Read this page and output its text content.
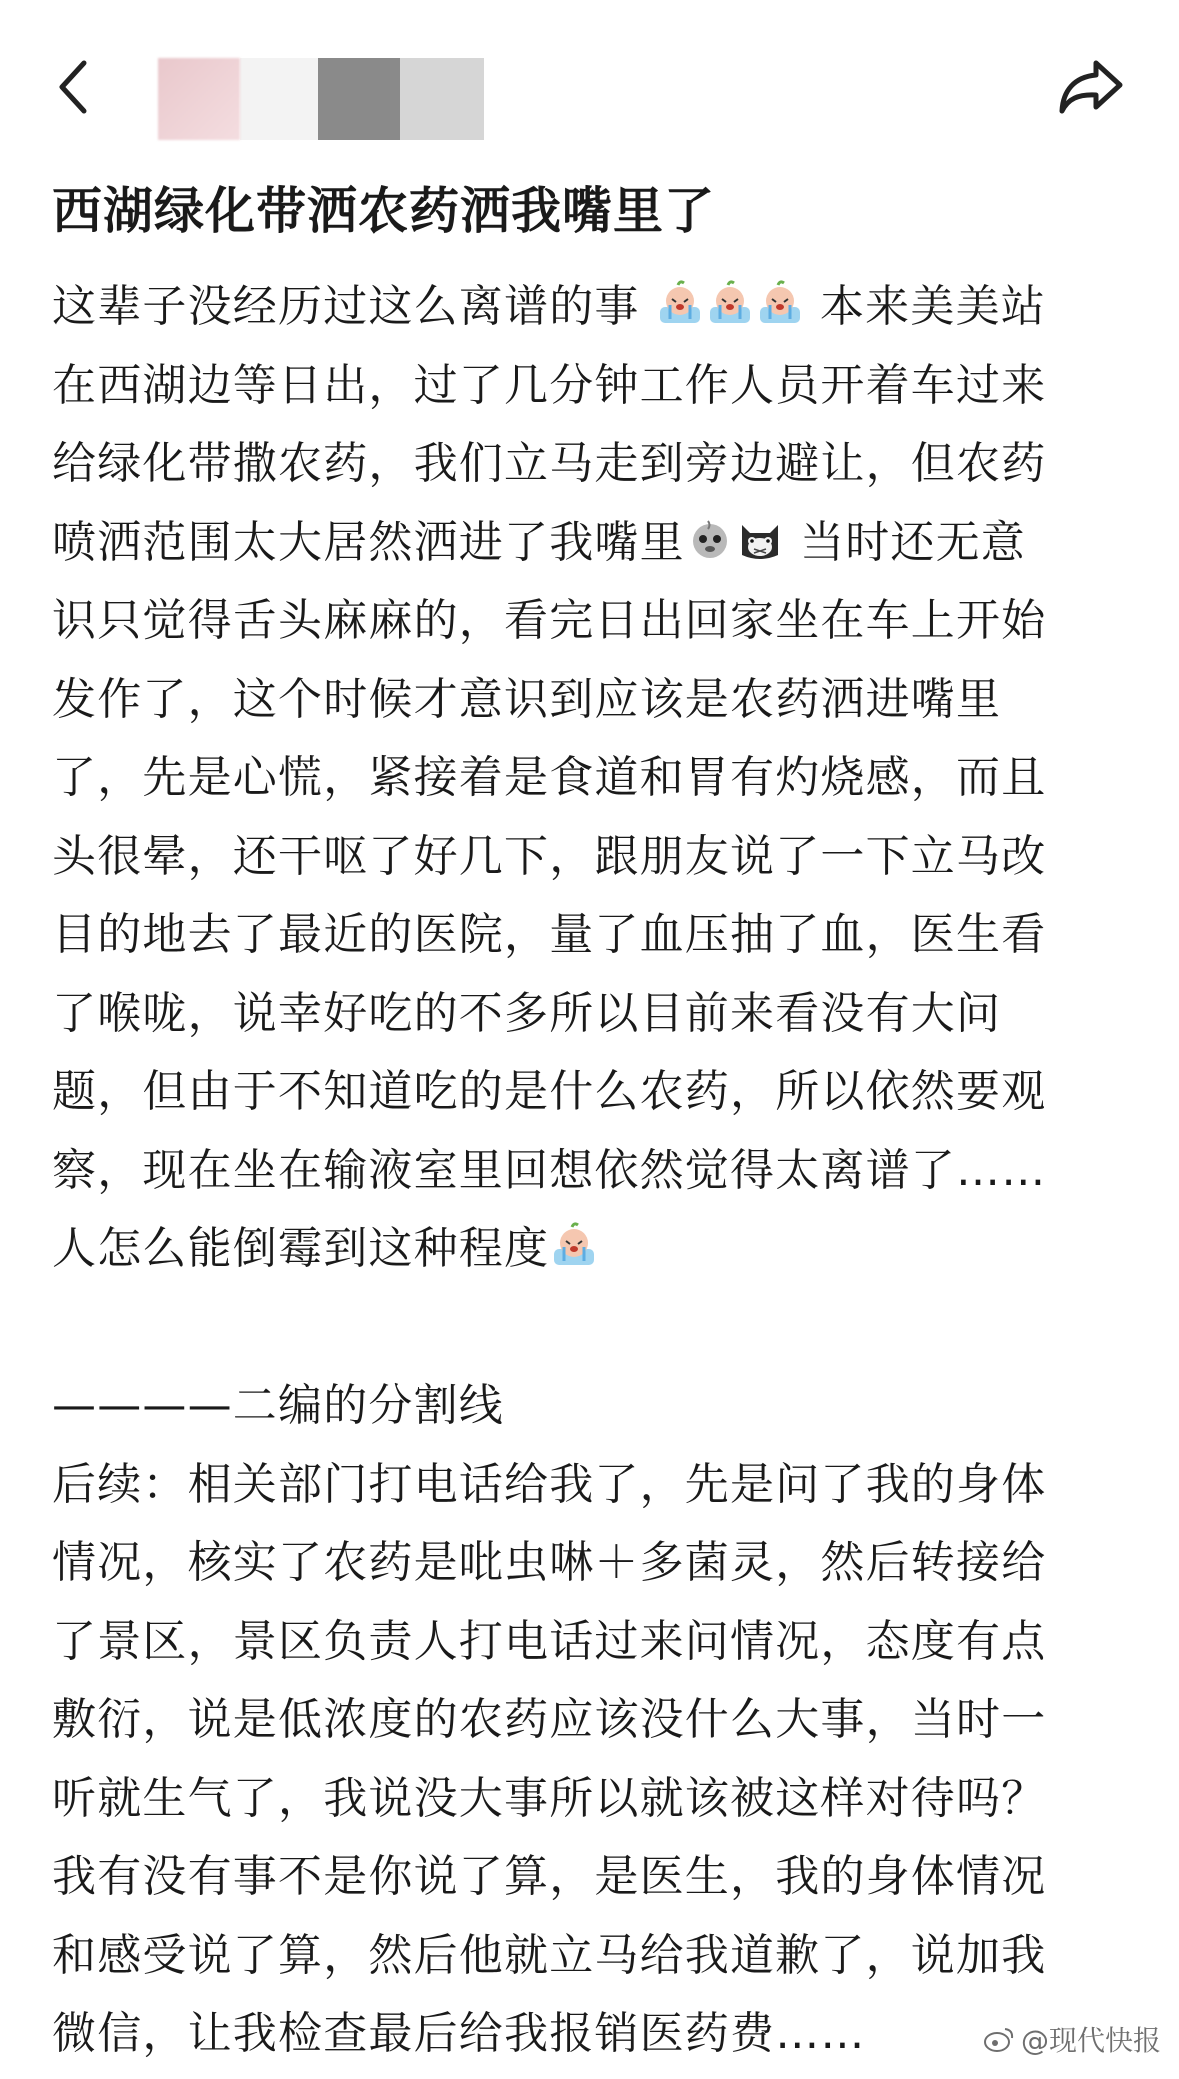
西湖绿化带洒农药洒我嘴里了
这辈子没经历过这么离谱的事	本来美美站
在西湖边等日出，过了几分钟工作人员开着车过来
给绿化带撒农药，我们立马走到旁边避让，但农药
喷洒范围太大居然洒进了我嘴里	当时还无意
识只觉得舌头麻麻的，看完日出回家坐在车上开始
发作了，这个时候才意识到应该是农药洒进嘴里
了，先是心慌，紧接着是食道和胃有灼烧感，而且
头很晕，还干呕了好几下，跟朋友说了一下立马改
目的地去了最近的医院，量了血压抽了血，医生看
了喉咙，说幸好吃的不多所以目前来看没有大问
题，但由于不知道吃的是什么农药，所以依然要观
察，现在坐在输液室里回想依然觉得太离谱了……
人怎么能倒霉到这种程度
————二编的分割线
后续：相关部门打电话给我了，先是问了我的身体
情况，核实了农药是吡虫啉＋多菌灵，然后转接给
了景区，景区负责人打电话过来问情况，态度有点
敷衍，说是低浓度的农药应该没什么大事，当时一
听就生气了，我说没大事所以就该被这样对待吗？
我有没有事不是你说了算，是医生，我的身体情况
和感受说了算，然后他就立马给我道歉了，说加我
微信，让我检查最后给我报销医药费……	@现代快报
